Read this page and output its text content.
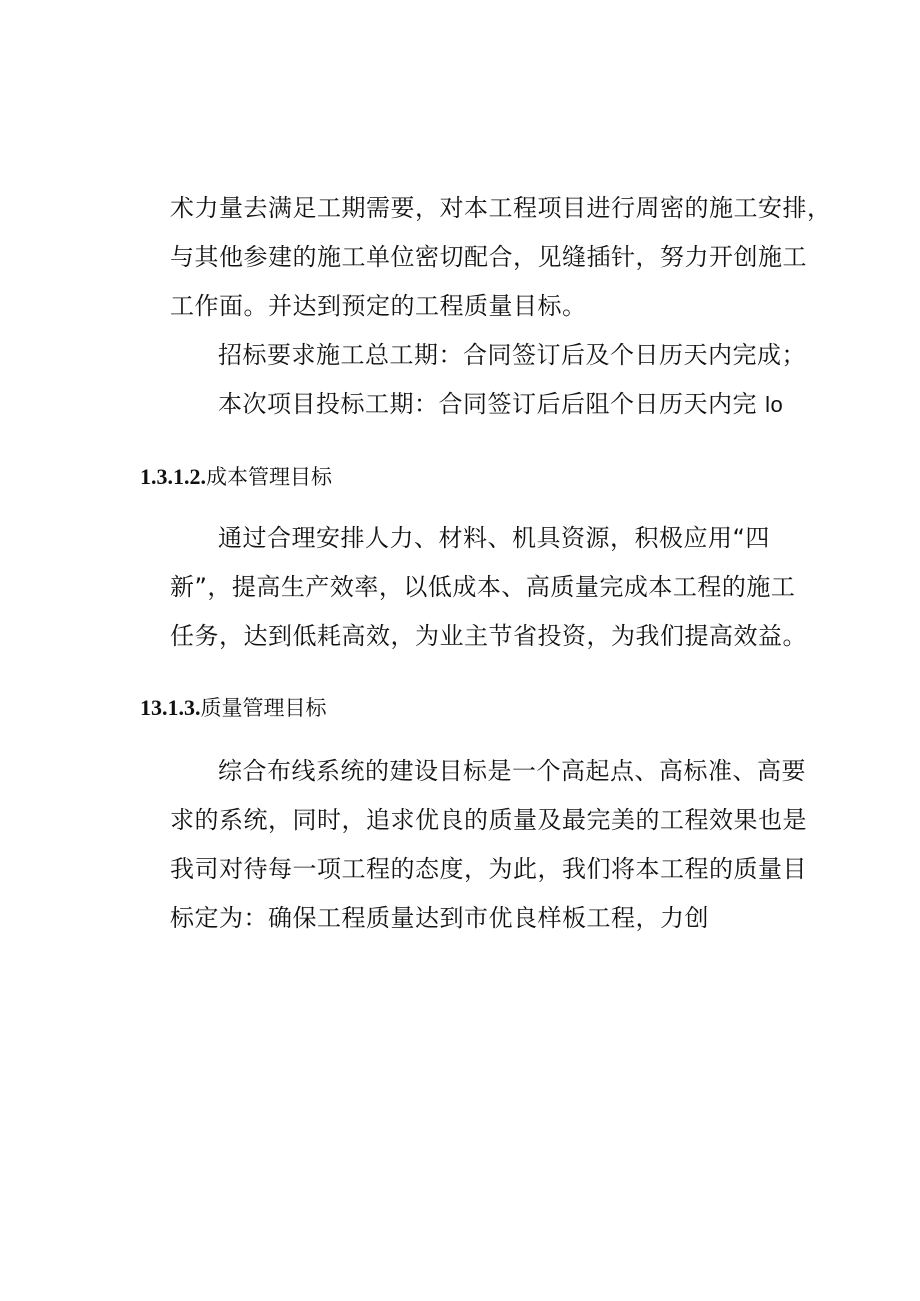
术力量去满足工期需要，对本工程项目进行周密的施工安排，
与其他参建的施工单位密切配合，见缝插针，努力开创施工
工作面。并达到预定的工程质量目标。
招标要求施工总工期：合同签订后及个日历天内完成；
本次项目投标工期：合同签订后后阻个日历天内完 lo
1.3.1.2.成本管理目标
通过合理安排人力、材料、机具资源，积极应用“四
新”，提高生产效率，以低成本、高质量完成本工程的施工
任务，达到低耗高效，为业主节省投资，为我们提高效益。
13.1.3.质量管理目标
综合布线系统的建设目标是一个高起点、高标准、高要
求的系统，同时，追求优良的质量及最完美的工程效果也是
我司对待每一项工程的态度，为此，我们将本工程的质量目
标定为：确保工程质量达到市优良样板工程，力创
